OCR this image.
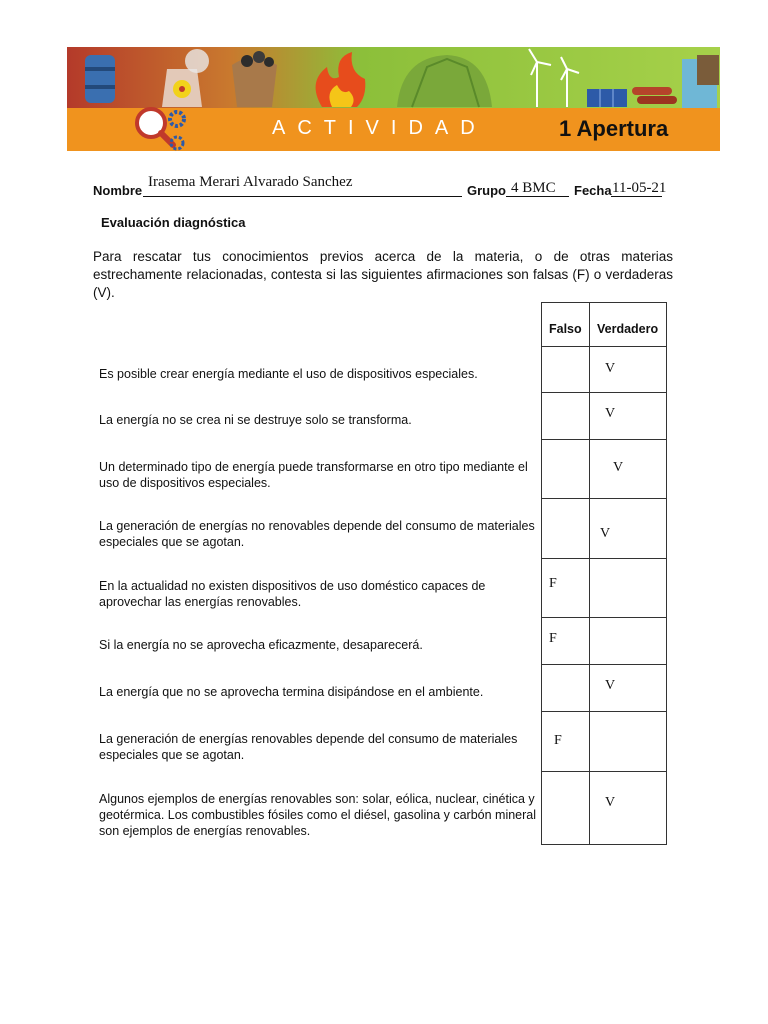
ACTIVIDAD	1 Apertura
Nombre
Irasema Merari Alvarado Sanchez
Grupo 4 BMC Fecha 11-05-21
Evaluación diagnóstica
Para rescatar tus conocimientos previos acerca de la materia, o de otras materias estrechamente relacionadas, contesta si las siguientes afirmaciones son falsas (F) o verdaderas (V).
Es posible crear energía mediante el uso de dispositivos especiales.
La energía no se crea ni se destruye solo se transforma.
Un determinado tipo de energía puede transformarse en otro tipo mediante el uso de dispositivos especiales.
La generación de energías no renovables depende del consumo de materiales especiales que se agotan.
En la actualidad no existen dispositivos de uso doméstico capaces de aprovechar las energías renovables.
Si la energía no se aprovecha eficazmente, desaparecerá.
La energía que no se aprovecha termina disipándose en el ambiente.
La generación de energías renovables depende del consumo de materiales especiales que se agotan.
Algunos ejemplos de energías renovables son: solar, eólica, nuclear, cinética y geotérmica. Los combustibles fósiles como el diésel, gasolina y carbón mineral son ejemplos de energías renovables.
Falso Verdadero
V
V
V
V
F
F
V
F
V
